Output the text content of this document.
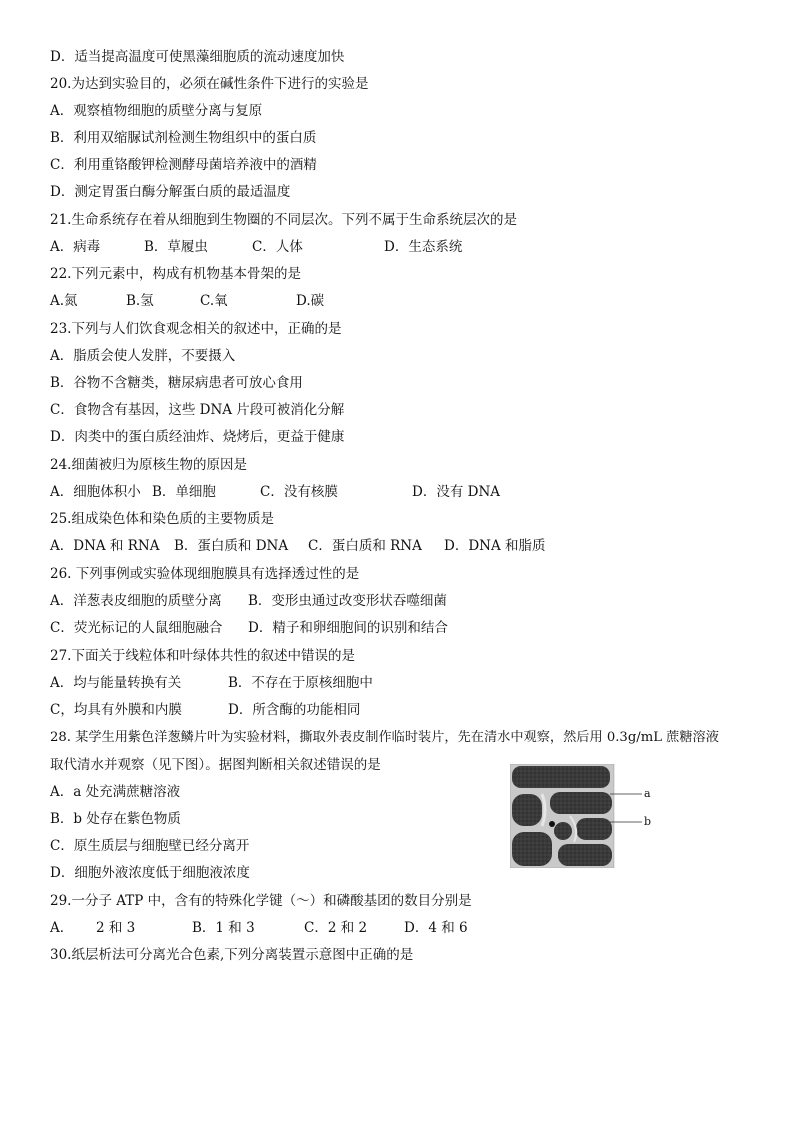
D．适当提高温度可使黑藻细胞质的流动速度加快
20.为达到实验目的，必须在碱性条件下进行的实验是
A．观察植物细胞的质壁分离与复原
B．利用双缩脲试剂检测生物组织中的蛋白质
C．利用重铬酸钾检测酵母菌培养液中的酒精
D．测定胃蛋白酶分解蛋白质的最适温度
21.生命系统存在着从细胞到生物圈的不同层次。下列不属于生命系统层次的是
A．病毒	B．草履虫	C．人体	D．生态系统
22.下列元素中，构成有机物基本骨架的是
A.氮	B.氢	C.氧	D.碳
23.下列与人们饮食观念相关的叙述中，正确的是
A．脂质会使人发胖，不要摄入
B．谷物不含糖类，糖尿病患者可放心食用
C．食物含有基因，这些 DNA 片段可被消化分解
D．肉类中的蛋白质经油炸、烧烤后，更益于健康
24.细菌被归为原核生物的原因是
A．细胞体积小 B．单细胞	C．没有核膜	D．没有 DNA
25.组成染色体和染色质的主要物质是
A．DNA 和 RNA B．蛋白质和 DNA C．蛋白质和 RNA D．DNA 和脂质
26. 下列事例或实验体现细胞膜具有选择透过性的是
A．洋葱表皮细胞的质壁分离 B．变形虫通过改变形状吞噬细菌
C．荧光标记的人鼠细胞融合 D．精子和卵细胞间的识别和结合
27.下面关于线粒体和叶绿体共性的叙述中错误的是
A．均与能量转换有关	B．不存在于原核细胞中
C，均具有外膜和内膜	D．所含酶的功能相同
28. 某学生用紫色洋葱鳞片叶为实验材料，撕取外表皮制作临时装片，先在清水中观察，然后用 0.3g/mL 蔗糖溶液
取代清水并观察（见下图）。据图判断相关叙述错误的是
A．a 处充满蔗糖溶液
B．b 处存在紫色物质
C．原生质层与细胞壁已经分离开
D．细胞外液浓度低于细胞液浓度
a
b
29.一分子 ATP 中，含有的特殊化学键（～）和磷酸基团的数目分别是
A． 2 和 3	B．1 和 3	C．2 和 2	D．4 和 6
30.纸层析法可分离光合色素,下列分离装置示意图中正确的是
